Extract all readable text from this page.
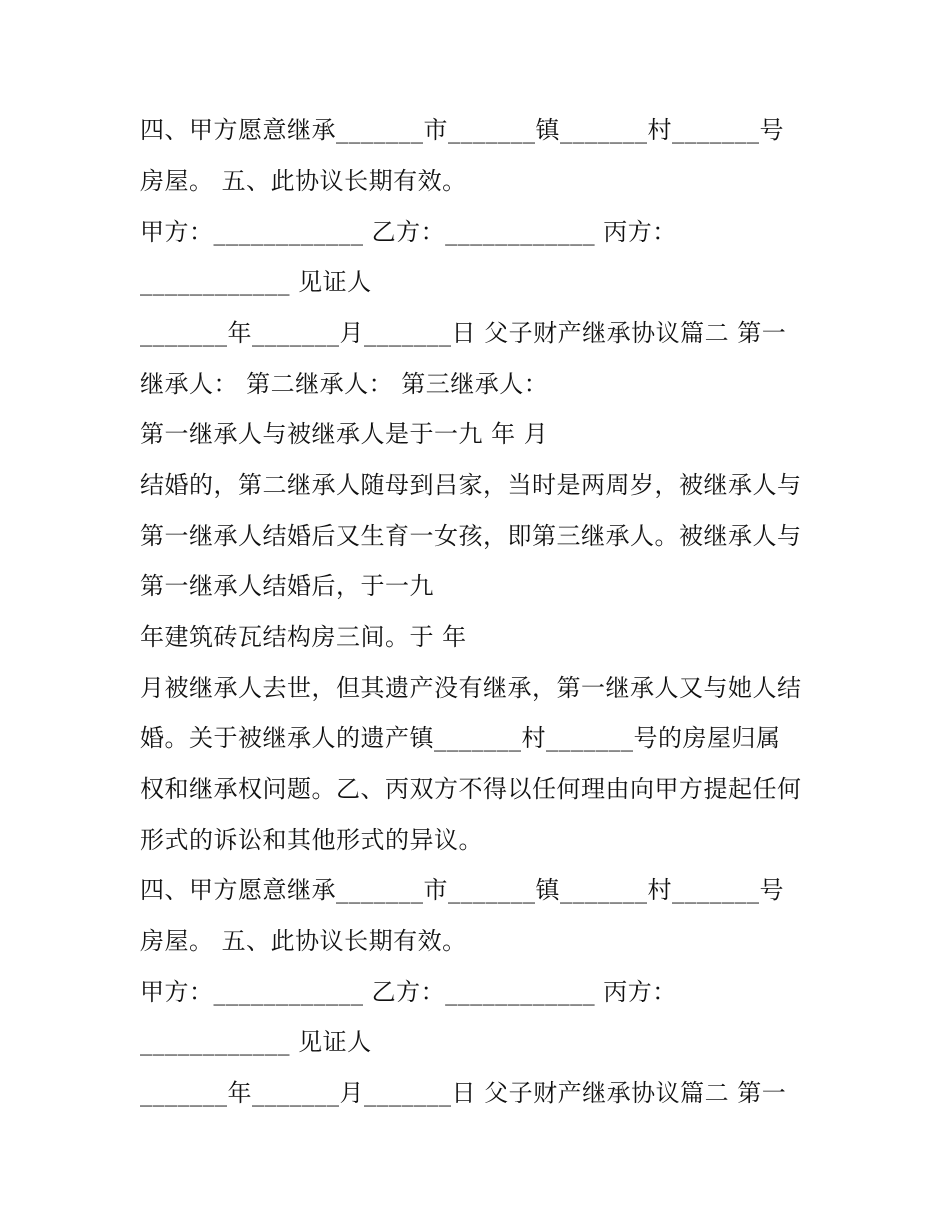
四、甲方愿意继承_______市_______镇_______村_______号
房屋。 五、此协议长期有效。
甲方：____________ 乙方：____________ 丙方：
____________ 见证人
_______年_______月_______日 父子财产继承协议篇二 第一
继承人： 第二继承人： 第三继承人：
第一继承人与被继承人是于一九 年 月
结婚的，第二继承人随母到吕家，当时是两周岁，被继承人与
第一继承人结婚后又生育一女孩，即第三继承人。被继承人与
第一继承人结婚后，于一九
年建筑砖瓦结构房三间。于 年
月被继承人去世，但其遗产没有继承，第一继承人又与她人结
婚。关于被继承人的遗产镇_______村_______号的房屋归属
权和继承权问题。乙、丙双方不得以任何理由向甲方提起任何
形式的诉讼和其他形式的异议。
四、甲方愿意继承_______市_______镇_______村_______号
房屋。 五、此协议长期有效。
甲方：____________ 乙方：____________ 丙方：
____________ 见证人
_______年_______月_______日 父子财产继承协议篇二 第一
